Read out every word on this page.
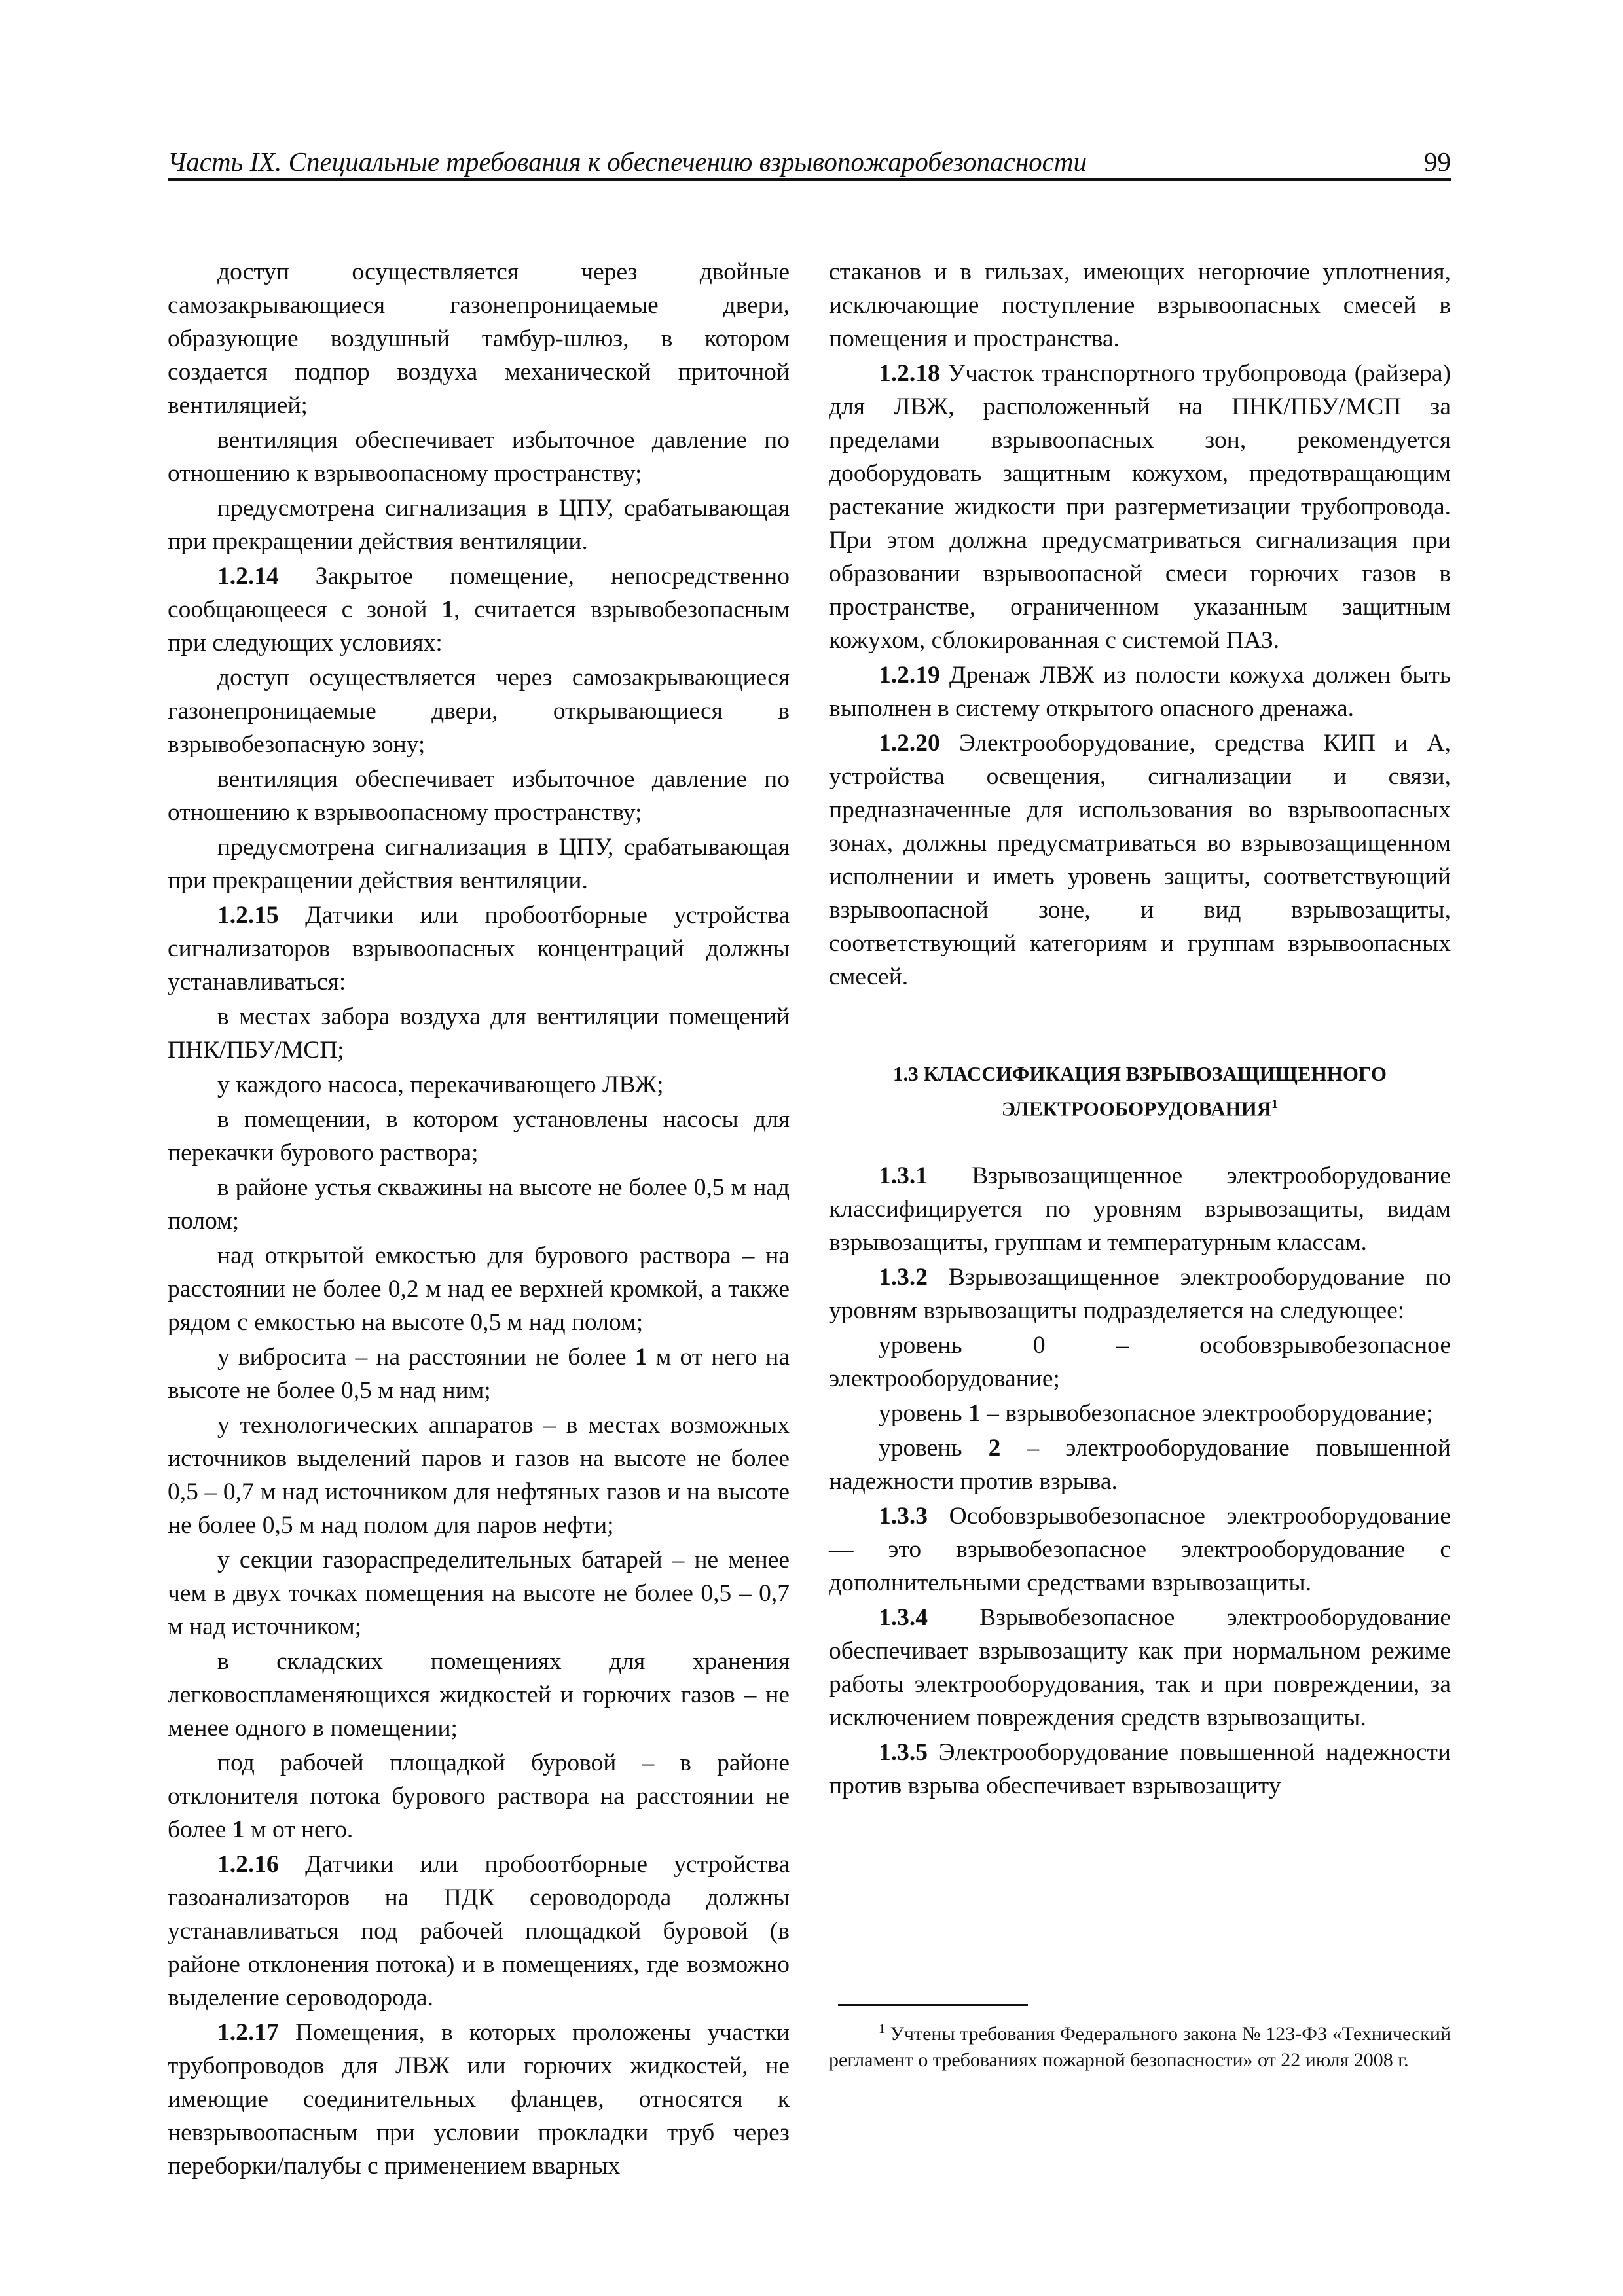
Часть IX. Специальные требования к обеспечению взрывопожаробезопасности	99

доступ осуществляется через двойные самозакрывающиеся газонепроницаемые двери, образующие воздушный тамбур-шлюз, в котором создается подпор воздуха механической приточной вентиляцией;

вентиляция обеспечивает избыточное давление по отношению к взрывоопасному пространству;

предусмотрена сигнализация в ЦПУ, срабатывающая при прекращении действия вентиляции.

1.2.14 Закрытое помещение, непосредственно сообщающееся с зоной 1, считается взрывобезопасным при следующих условиях:

доступ осуществляется через самозакрывающиеся газонепроницаемые двери, открывающиеся в взрывобезопасную зону;

вентиляция обеспечивает избыточное давление по отношению к взрывоопасному пространству;

предусмотрена сигнализация в ЦПУ, срабатывающая при прекращении действия вентиляции.

1.2.15 Датчики или пробоотборные устройства сигнализаторов взрывоопасных концентраций должны устанавливаться:

в местах забора воздуха для вентиляции помещений ПНК/ПБУ/МСП;

у каждого насоса, перекачивающего ЛВЖ;

в помещении, в котором установлены насосы для перекачки бурового раствора;

в районе устья скважины на высоте не более 0,5 м над полом;

над открытой емкостью для бурового раствора – на расстоянии не более 0,2 м над ее верхней кромкой, а также рядом с емкостью на высоте 0,5 м над полом;

у вибросита – на расстоянии не более 1 м от него на высоте не более 0,5 м над ним;

у технологических аппаратов – в местах возможных источников выделений паров и газов на высоте не более 0,5 – 0,7 м над источником для нефтяных газов и на высоте не более 0,5 м над полом для паров нефти;

у секции газораспределительных батарей – не менее чем в двух точках помещения на высоте не более 0,5 – 0,7 м над источником;

в складских помещениях для хранения легковоспламеняющихся жидкостей и горючих газов – не менее одного в помещении;

под рабочей площадкой буровой – в районе отклонителя потока бурового раствора на расстоянии не более 1 м от него.

1.2.16 Датчики или пробоотборные устройства газоанализаторов на ПДК сероводорода должны устанавливаться под рабочей площадкой буровой (в районе отклонения потока) и в помещениях, где возможно выделение сероводорода.

1.2.17 Помещения, в которых проложены участки трубопроводов для ЛВЖ или горючих жидкостей, не имеющие соединительных фланцев, относятся к невзрывоопасным при условии прокладки труб через переборки/палубы с применением вварных

стаканов и в гильзах, имеющих негорючие уплотнения, исключающие поступление взрывоопасных смесей в помещения и пространства.

1.2.18 Участок транспортного трубопровода (райзера) для ЛВЖ, расположенный на ПНК/ПБУ/МСП за пределами взрывоопасных зон, рекомендуется дооборудовать защитным кожухом, предотвращающим растекание жидкости при разгерметизации трубопровода. При этом должна предусматриваться сигнализация при образовании взрывоопасной смеси горючих газов в пространстве, ограниченном указанным защитным кожухом, сблокированная с системой ПАЗ.

1.2.19 Дренаж ЛВЖ из полости кожуха должен быть выполнен в систему открытого опасного дренажа.

1.2.20 Электрооборудование, средства КИП и А, устройства освещения, сигнализации и связи, предназначенные для использования во взрывоопасных зонах, должны предусматриваться во взрывозащищенном исполнении и иметь уровень защиты, соответствующий взрывоопасной зоне, и вид взрывозащиты, соответствующий категориям и группам взрывоопасных смесей.

1.3 КЛАССИФИКАЦИЯ ВЗРЫВОЗАЩИЩЕННОГО
ЭЛЕКТРООБОРУДОВАНИЯ$^1$

1.3.1 Взрывозащищенное электрооборудование классифицируется по уровням взрывозащиты, видам взрывозащиты, группам и температурным классам.

1.3.2 Взрывозащищенное электрооборудование по уровням взрывозащиты подразделяется на следующее:

уровень 0 – особовзрывобезопасное электрооборудование;

уровень 1 – взрывобезопасное электрооборудование;

уровень 2 – электрооборудование повышенной надежности против взрыва.

1.3.3 Особовзрывобезопасное электрооборудование — это взрывобезопасное электрооборудование с дополнительными средствами взрывозащиты.

1.3.4 Взрывобезопасное электрооборудование обеспечивает взрывозащиту как при нормальном режиме работы электрооборудования, так и при повреждении, за исключением повреждения средств взрывозащиты.

1.3.5 Электрооборудование повышенной надежности против взрыва обеспечивает взрывозащиту

$^1$ Учтены требования Федерального закона № 123-ФЗ «Технический регламент о требованиях пожарной безопасности» от 22 июля 2008 г.
